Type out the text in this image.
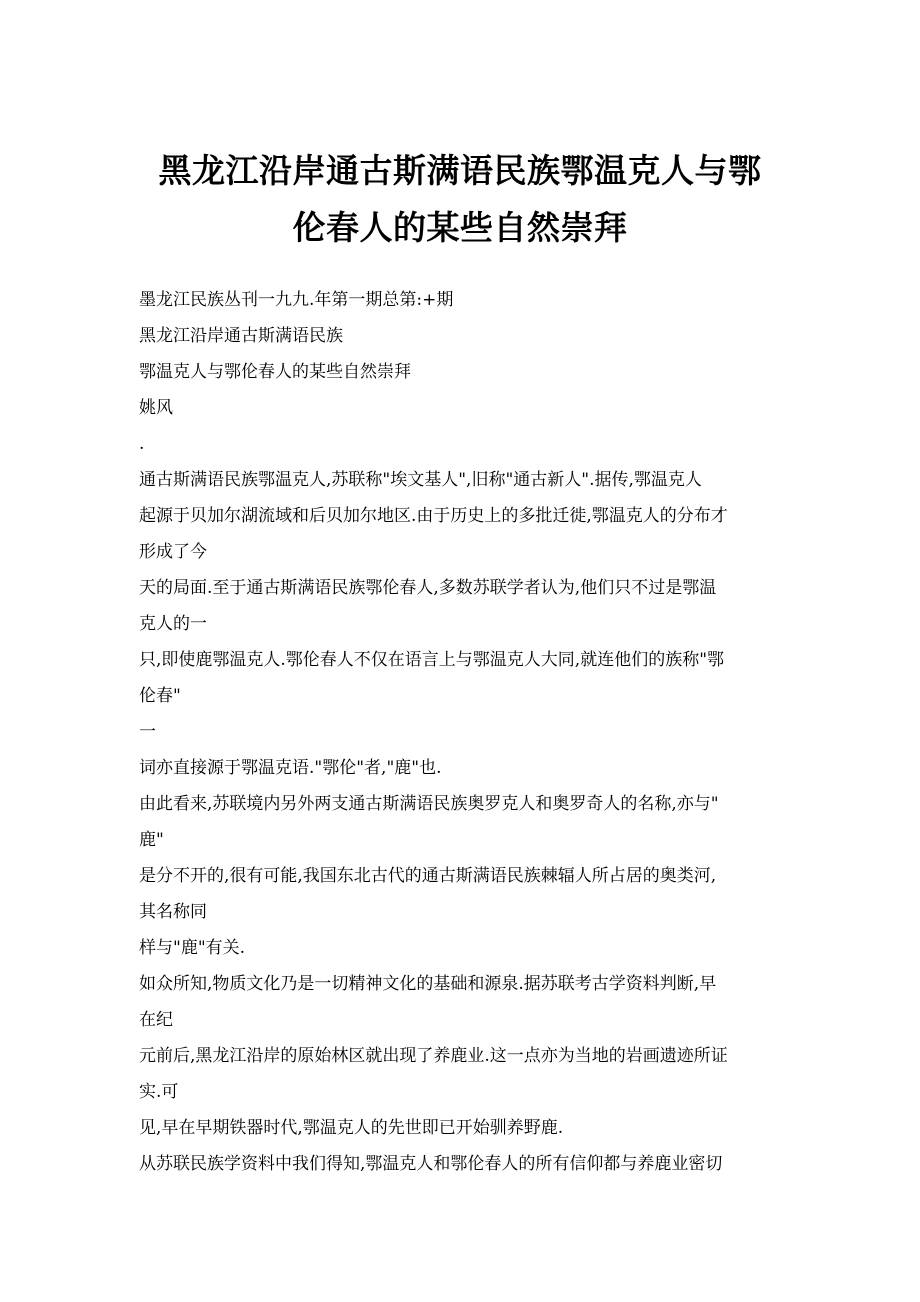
黑龙江沿岸通古斯满语民族鄂温克人与鄂
伦春人的某些自然崇拜
墨龙江民族丛刊一九九.年第一期总第:+期
黑龙江沿岸通古斯满语民族
鄂温克人与鄂伦春人的某些自然崇拜
姚风
.
通古斯满语民族鄂温克人,苏联称"埃文基人",旧称"通古新人".据传,鄂温克人
起源于贝加尔湖流域和后贝加尔地区.由于历史上的多批迁徙,鄂温克人的分布才
形成了今
天的局面.至于通古斯满语民族鄂伦春人,多数苏联学者认为,他们只不过是鄂温
克人的一
只,即使鹿鄂温克人.鄂伦春人不仅在语言上与鄂温克人大同,就连他们的族称"鄂
伦春"
一
词亦直接源于鄂温克语."鄂伦"者,"鹿"也.
由此看来,苏联境内另外两支通古斯满语民族奥罗克人和奥罗奇人的名称,亦与"
鹿"
是分不开的,很有可能,我国东北古代的通古斯满语民族棘辐人所占居的奥类河,
其名称同
样与"鹿"有关.
如众所知,物质文化乃是一切精神文化的基础和源泉.据苏联考古学资料判断,早
在纪
元前后,黑龙江沿岸的原始林区就出现了养鹿业.这一点亦为当地的岩画遗迹所证
实.可
见,早在早期铁器时代,鄂温克人的先世即已开始驯养野鹿.
从苏联民族学资料中我们得知,鄂温克人和鄂伦春人的所有信仰都与养鹿业密切
